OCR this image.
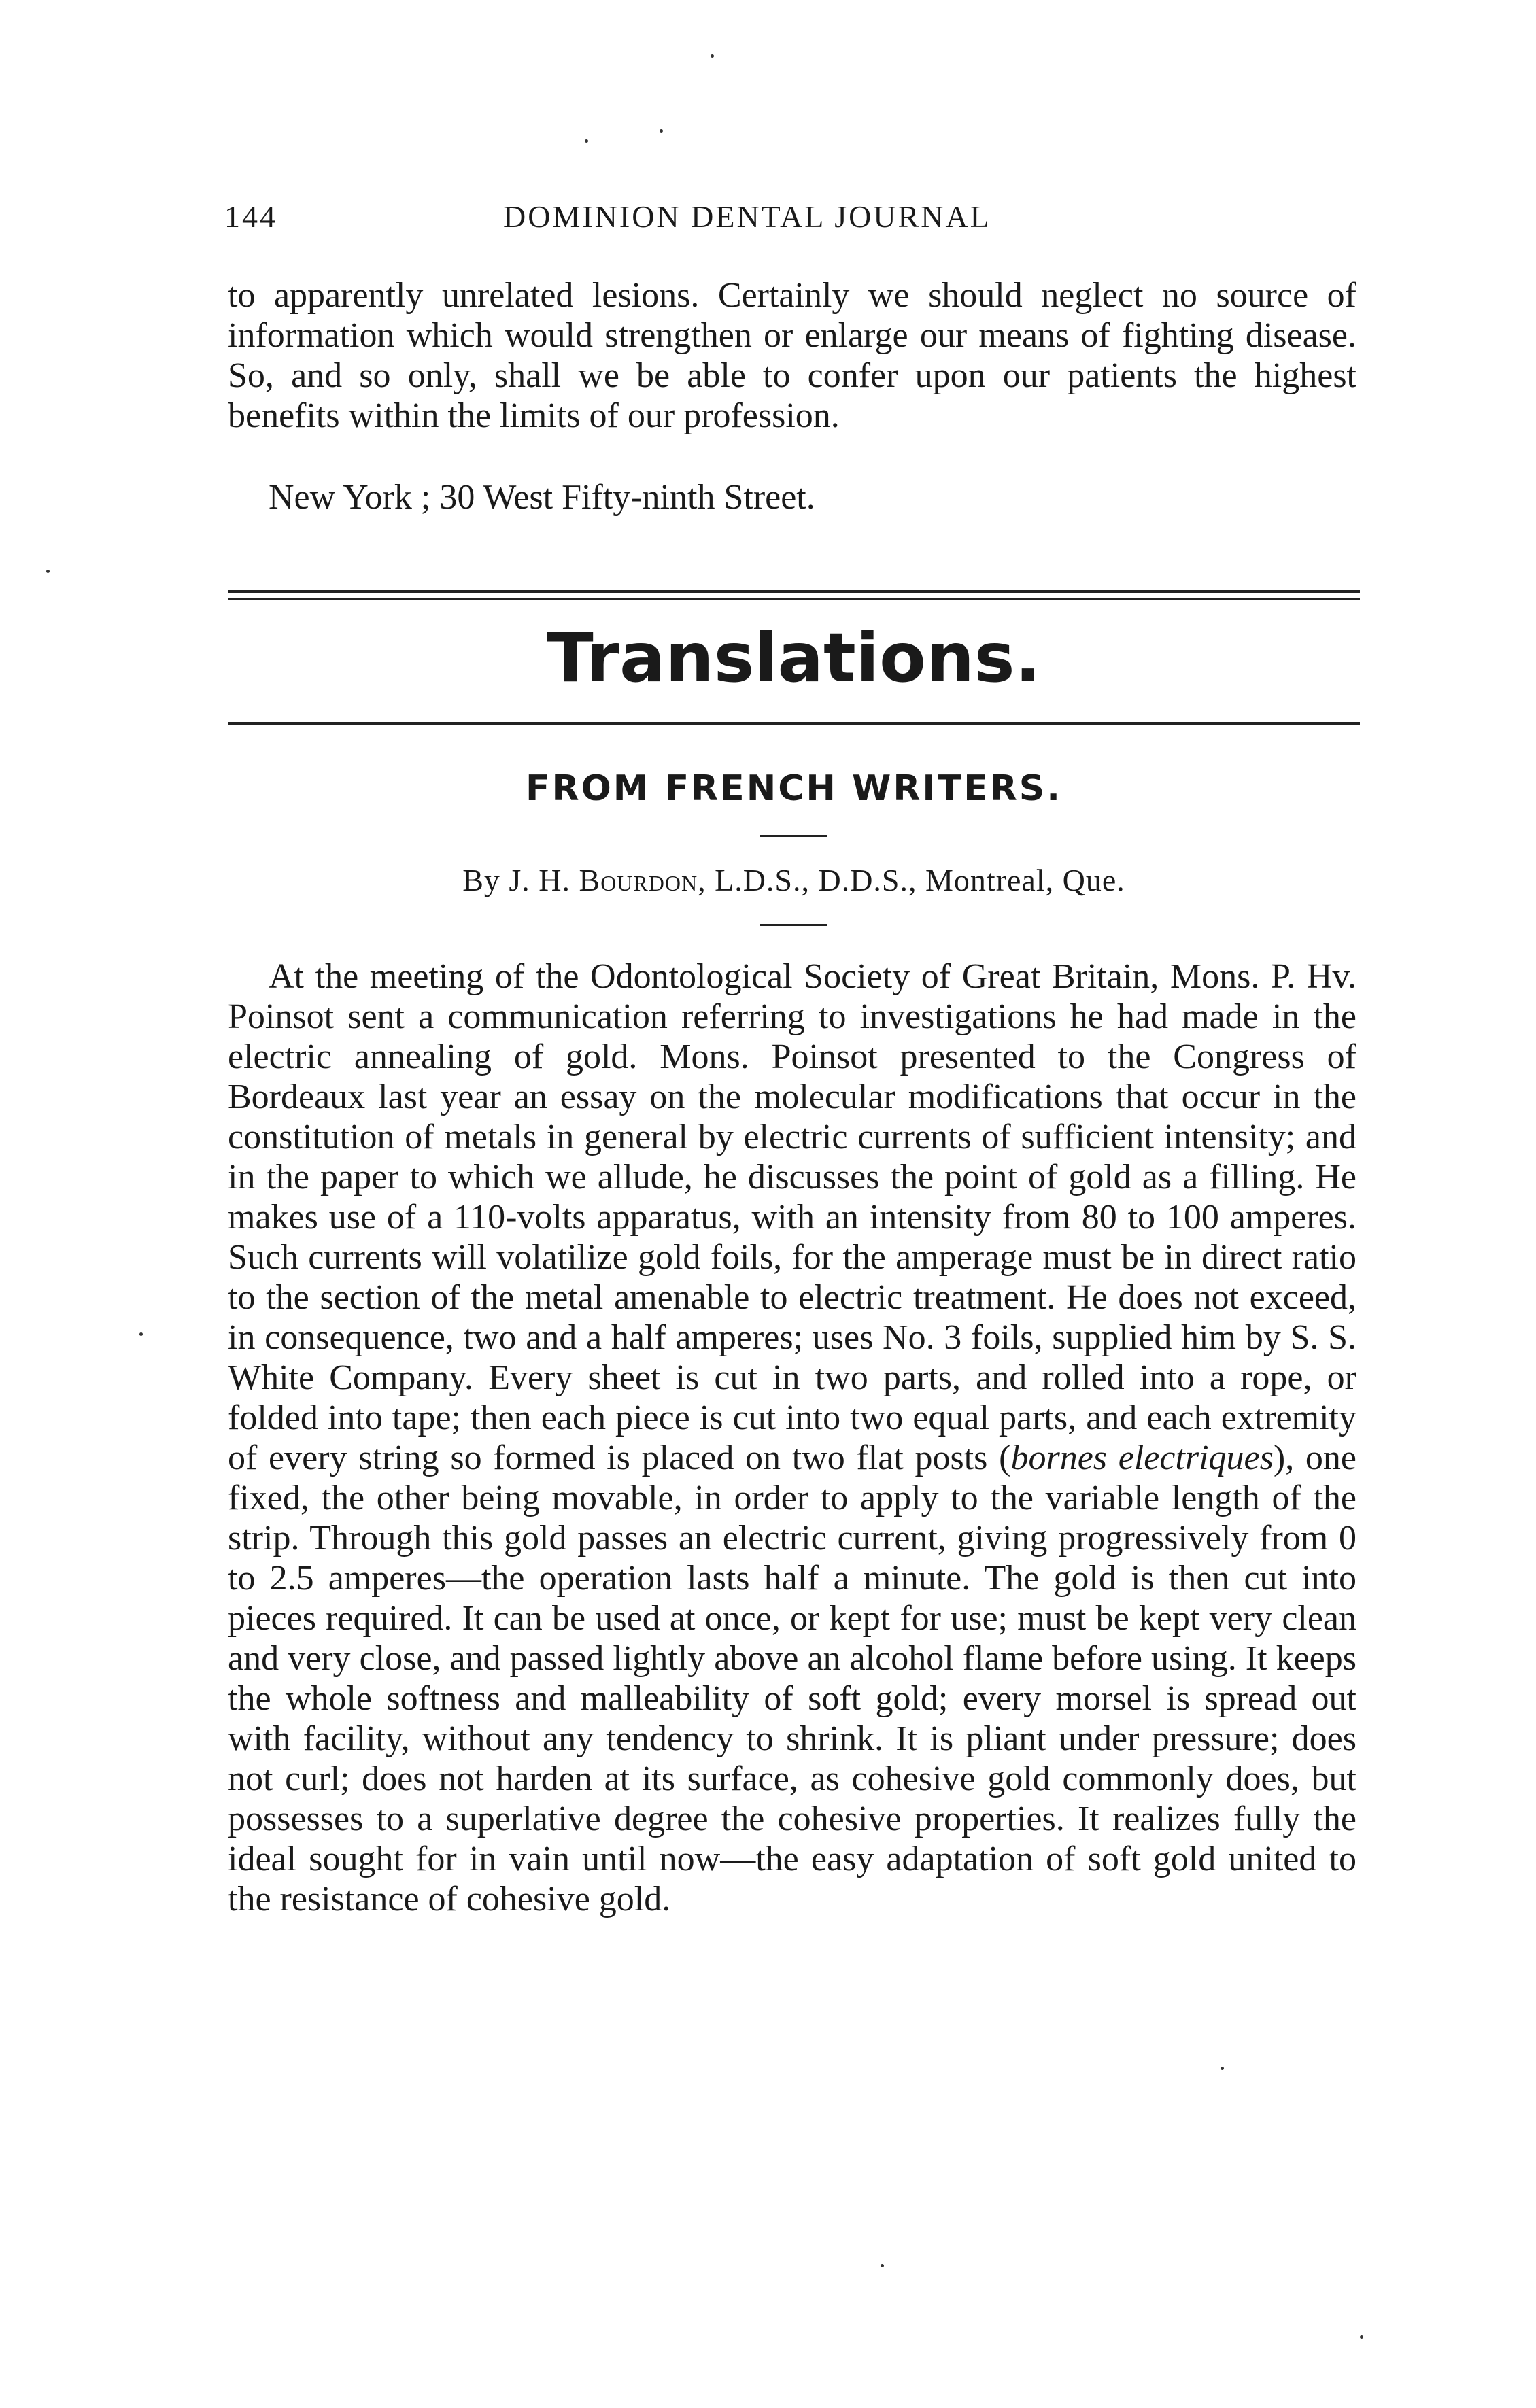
144	DOMINION DENTAL JOURNAL

to apparently unrelated lesions. Certainly we should neglect no source of information which would strengthen or enlarge our means of fighting disease. So, and so only, shall we be able to confer upon our patients the highest benefits within the limits of our profession.

New York ; 30 West Fifty-ninth Street.
Translations.
FROM FRENCH WRITERS.
By J. H. Bourdon, L.D.S., D.D.S., Montreal, Que.

At the meeting of the Odontological Society of Great Britain, Mons. P. Hv. Poinsot sent a communication referring to investigations he had made in the electric annealing of gold. Mons. Poinsot presented to the Congress of Bordeaux last year an essay on the molecular modifications that occur in the constitution of metals in general by electric currents of sufficient intensity; and in the paper to which we allude, he discusses the point of gold as a filling. He makes use of a 110-volts apparatus, with an intensity from 80 to 100 amperes. Such currents will volatilize gold foils, for the amperage must be in direct ratio to the section of the metal amenable to electric treatment. He does not exceed, in consequence, two and a half amperes; uses No. 3 foils, supplied him by S. S. White Company. Every sheet is cut in two parts, and rolled into a rope, or folded into tape; then each piece is cut into two equal parts, and each extremity of every string so formed is placed on two flat posts (bornes electriques), one fixed, the other being movable, in order to apply to the variable length of the strip. Through this gold passes an electric current, giving progressively from 0 to 2.5 amperes—the operation lasts half a minute. The gold is then cut into pieces required. It can be used at once, or kept for use; must be kept very clean and very close, and passed lightly above an alcohol flame before using. It keeps the whole softness and malleability of soft gold; every morsel is spread out with facility, without any tendency to shrink. It is pliant under pressure; does not curl; does not harden at its surface, as cohesive gold commonly does, but possesses to a superlative degree the cohesive properties. It realizes fully the ideal sought for in vain until now—the easy adaptation of soft gold united to the resistance of cohesive gold.
